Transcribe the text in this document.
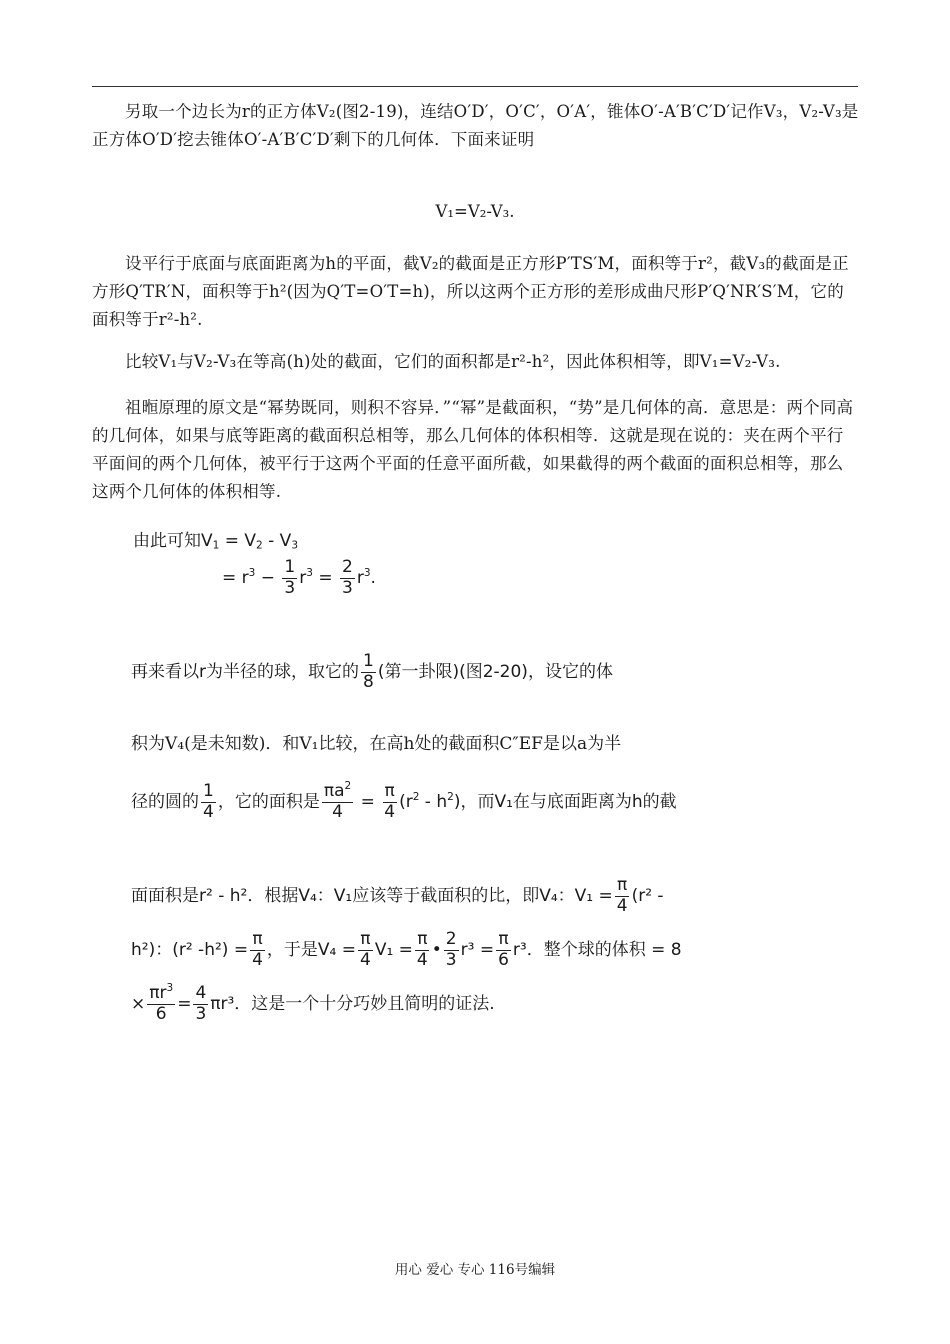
另取一个边长为r的正方体V₂(图2-19)，连结O′D′，O′C′，O′A′，锥体O′-A′B′C′D′记作V₃，V₂-V₃是正方体O′D′挖去锥体O′-A′B′C′D′剩下的几何体．下面来证明

V₁=V₂-V₃.

设平行于底面与底面距离为h的平面，截V₂的截面是正方形P′TS′M，面积等于r²，截V₃的截面是正方形Q′TR′N，面积等于h²(因为Q′T=O′T=h)，所以这两个正方形的差形成曲尺形P′Q′NR′S′M，它的面积等于r²-h².

比较V₁与V₂-V₃在等高(h)处的截面，它们的面积都是r²-h²，因此体积相等，即V₁=V₂-V₃.

祖暅原理的原文是“幂势既同，则积不容异．”“幂”是截面积，“势”是几何体的高．意思是：两个同高的几何体，如果与底等距离的截面积总相等，那么几何体的体积相等．这就是现在说的：夹在两个平行平面间的两个几何体，被平行于这两个平面的任意平面所截，如果截得的两个截面的面积总相等，那么这两个几何体的体积相等.

由此可知$V_1 = V_2 - V_3$
= $r^3 - \frac{1}{3} r^3 = \frac{2}{3} r^3$.
再来看以r为半径的球，取它的 $\frac{1}{8}$ (第一卦限)(图2-20)，设它的体
积为V₄(是未知数)．和V₁比较，在高h处的截面积C″EF是以a为半
径的圆的 $\frac{1}{4}$ ，它的面积是 $\frac{\pi a^2}{4} = \frac{\pi}{4} (r^2 - h^2)$，而V₁在与底面距离为h的截
面面积是r² - h²．根据V₄：V₁应该等于截面积的比，即V₄：$V_1 = \frac{\pi}{4} (r^2$ -
h²)：(r² $-h^2) = \frac{\pi}{4}$ ，于是$V_4 = \frac{\pi}{4} V_1 = \frac{\pi}{4}$ • $\frac{2}{3} r^3 = \frac{\pi}{6} r^3$．整个球的体积 = 8
× $\frac{\pi r^3}{6} = \frac{4}{3} \pi r^3$．这是一个十分巧妙且简明的证法.
用心 爱心 专心 116号编辑
